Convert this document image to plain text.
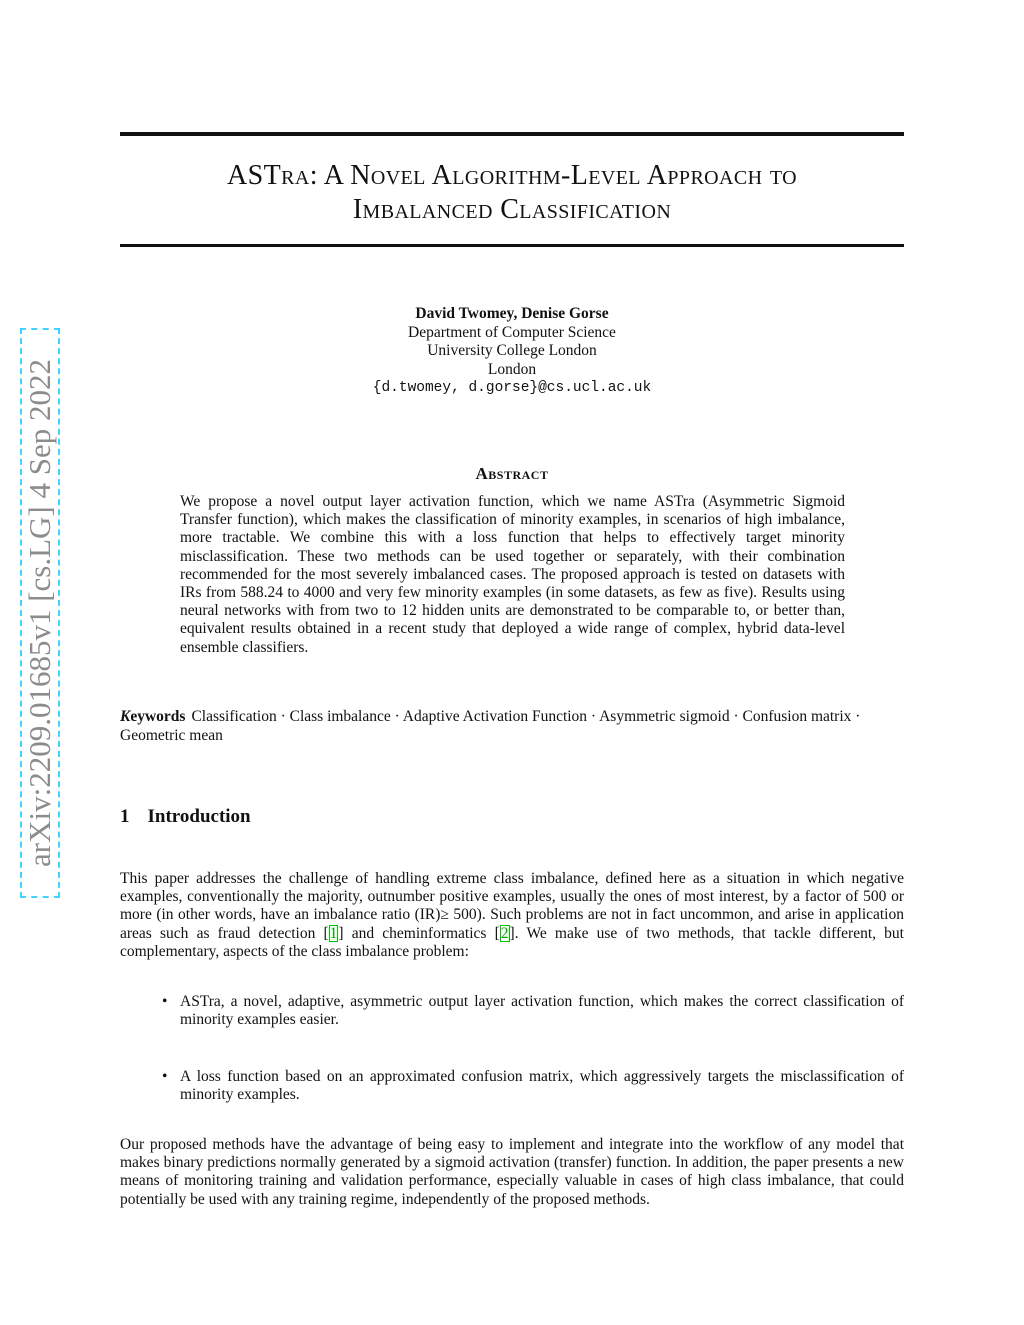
arXiv:2209.01685v1 [cs.LG] 4 Sep 2022
ASTra: A Novel Algorithm-Level Approach to
Imbalanced Classification
David Twomey, Denise Gorse
Department of Computer Science
University College London
London
{d.twomey, d.gorse}@cs.ucl.ac.uk
Abstract
We propose a novel output layer activation function, which we name ASTra (Asymmetric Sigmoid Transfer function), which makes the classification of minority examples, in scenarios of high imbalance, more tractable. We combine this with a loss function that helps to effectively target minority misclassification. These two methods can be used together or separately, with their combination recommended for the most severely imbalanced cases. The proposed approach is tested on datasets with IRs from 588.24 to 4000 and very few minority examples (in some datasets, as few as five). Results using neural networks with from two to 12 hidden units are demonstrated to be comparable to, or better than, equivalent results obtained in a recent study that deployed a wide range of complex, hybrid data-level ensemble classifiers.
Keywords Classification · Class imbalance · Adaptive Activation Function · Asymmetric sigmoid · Confusion matrix · Geometric mean
1 Introduction
This paper addresses the challenge of handling extreme class imbalance, defined here as a situation in which negative examples, conventionally the majority, outnumber positive examples, usually the ones of most interest, by a factor of 500 or more (in other words, have an imbalance ratio (IR)≥ 500). Such problems are not in fact uncommon, and arise in application areas such as fraud detection [1] and cheminformatics [2]. We make use of two methods, that tackle different, but complementary, aspects of the class imbalance problem:
• ASTra, a novel, adaptive, asymmetric output layer activation function, which makes the correct classification of minority examples easier.
• A loss function based on an approximated confusion matrix, which aggressively targets the misclassification of minority examples.
Our proposed methods have the advantage of being easy to implement and integrate into the workflow of any model that makes binary predictions normally generated by a sigmoid activation (transfer) function. In addition, the paper presents a new means of monitoring training and validation performance, especially valuable in cases of high class imbalance, that could potentially be used with any training regime, independently of the proposed methods.
